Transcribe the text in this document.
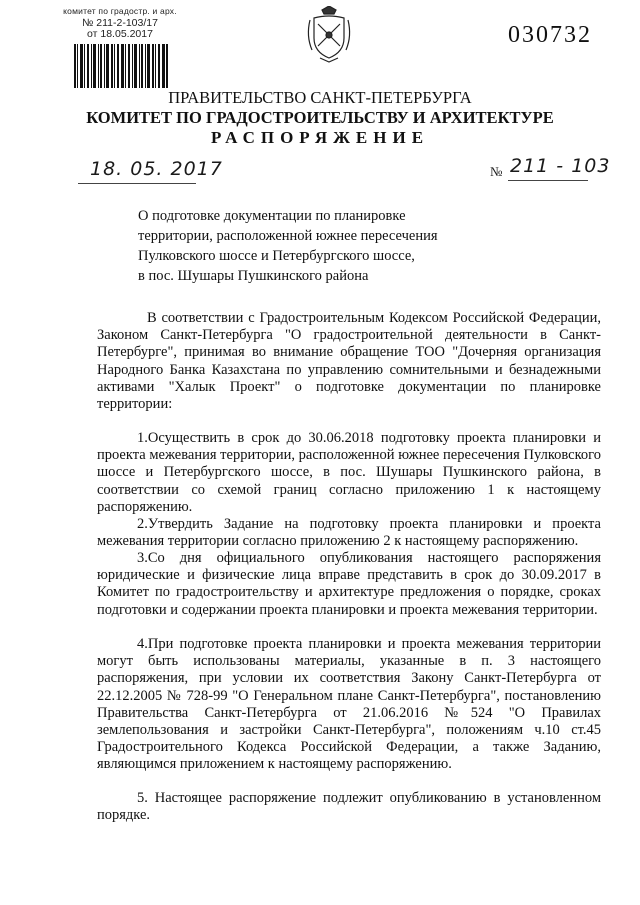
комитет по градостр. и арх.
№ 211-2-103/17
от 18.05.2017	030732
ПРАВИТЕЛЬСТВО САНКТ-ПЕТЕРБУРГА
КОМИТЕТ ПО ГРАДОСТРОИТЕЛЬСТВУ И АРХИТЕКТУРЕ
РАСПОРЯЖЕНИЕ
18. 05. 2017	№ 211 - 103
О подготовке документации по планировке
территории, расположенной южнее пересечения
Пулковского шоссе и Петербургского шоссе,
в пос. Шушары Пушкинского района
В соответствии с Градостроительным Кодексом Российской Федерации, Законом Санкт-Петербурга "О градостроительной деятельности в Санкт-Петербурге", принимая во внимание обращение ТОО "Дочерняя организация Народного Банка Казахстана по управлению сомнительными и безнадежными активами "Халык Проект" о подготовке документации по планировке территории:
1.Осуществить в срок до 30.06.2018 подготовку проекта планировки и проекта межевания территории, расположенной южнее пересечения Пулковского шоссе и Петербургского шоссе, в пос. Шушары Пушкинского района, в соответствии со схемой границ согласно приложению 1 к настоящему распоряжению.
2.Утвердить Задание на подготовку проекта планировки и проекта межевания территории согласно приложению 2 к настоящему распоряжению.
3.Со дня официального опубликования настоящего распоряжения юридические и физические лица вправе представить в срок до 30.09.2017 в Комитет по градостроительству и архитектуре предложения о порядке, сроках подготовки и содержании проекта планировки и проекта межевания территории.
4.При подготовке проекта планировки и проекта межевания территории могут быть использованы материалы, указанные в п. 3 настоящего распоряжения, при условии их соответствия Закону Санкт-Петербурга от 22.12.2005 № 728-99 "О Генеральном плане Санкт-Петербурга", постановлению Правительства Санкт-Петербурга от 21.06.2016 №524 "О Правилах землепользования и застройки Санкт-Петербурга", положениям ч.10 ст.45 Градостроительного Кодекса Российской Федерации, а также Заданию, являющимся приложением к настоящему распоряжению.
5. Настоящее распоряжение подлежит опубликованию в установленном порядке.
